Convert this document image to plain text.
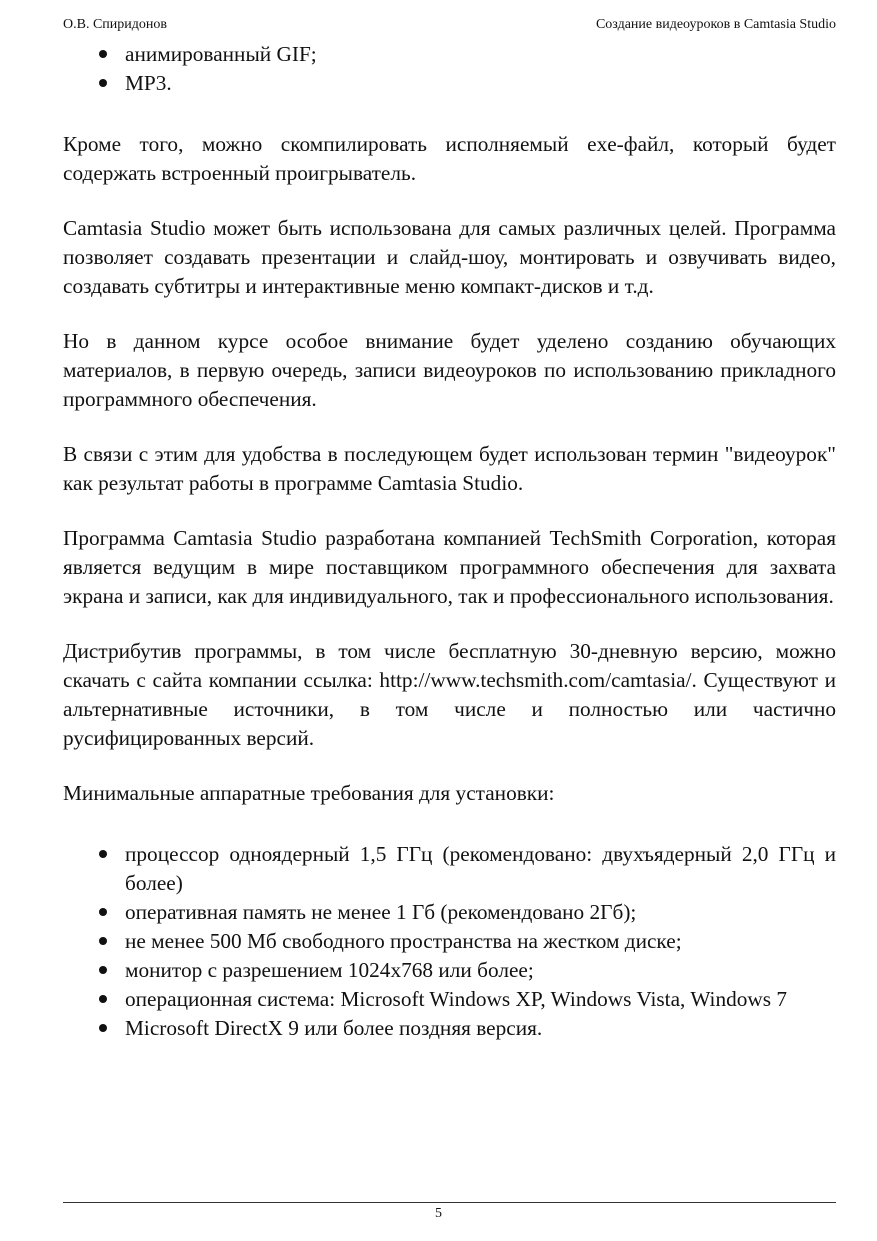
О.В. Спиридонов	Создание видеоуроков в Camtasia Studio
анимированный GIF;
MP3.

Кроме того, можно скомпилировать исполняемый exe-файл, который будет содержать встроенный проигрыватель.

Camtasia Studio может быть использована для самых различных целей. Программа позволяет создавать презентации и слайд-шоу, монтировать и озвучивать видео, создавать субтитры и интерактивные меню компакт-дисков и т.д.

Но в данном курсе особое внимание будет уделено созданию обучающих материалов, в первую очередь, записи видеоуроков по использованию прикладного программного обеспечения.

В связи с этим для удобства в последующем будет использован термин "видеоурок" как результат работы в программе Camtasia Studio.

Программа Camtasia Studio разработана компанией TechSmith Corporation, которая является ведущим в мире поставщиком программного обеспечения для захвата экрана и записи, как для индивидуального, так и профессионального использования.

Дистрибутив программы, в том числе бесплатную 30-дневную версию, можно скачать с сайта компании ссылка: http://www.techsmith.com/camtasia/. Существуют и альтернативные источники, в том числе и полностью или частично русифицированных версий.

Минимальные аппаратные требования для установки:

процессор одноядерный 1,5 ГГц (рекомендовано: двухъядерный 2,0 ГГц и более)
оперативная память не менее 1 Гб (рекомендовано 2Гб);
не менее 500 Мб свободного пространства на жестком диске;
монитор с разрешением 1024x768 или более;
операционная система: Microsoft Windows XP, Windows Vista, Windows 7
Microsoft DirectX 9 или более поздняя версия.
5
